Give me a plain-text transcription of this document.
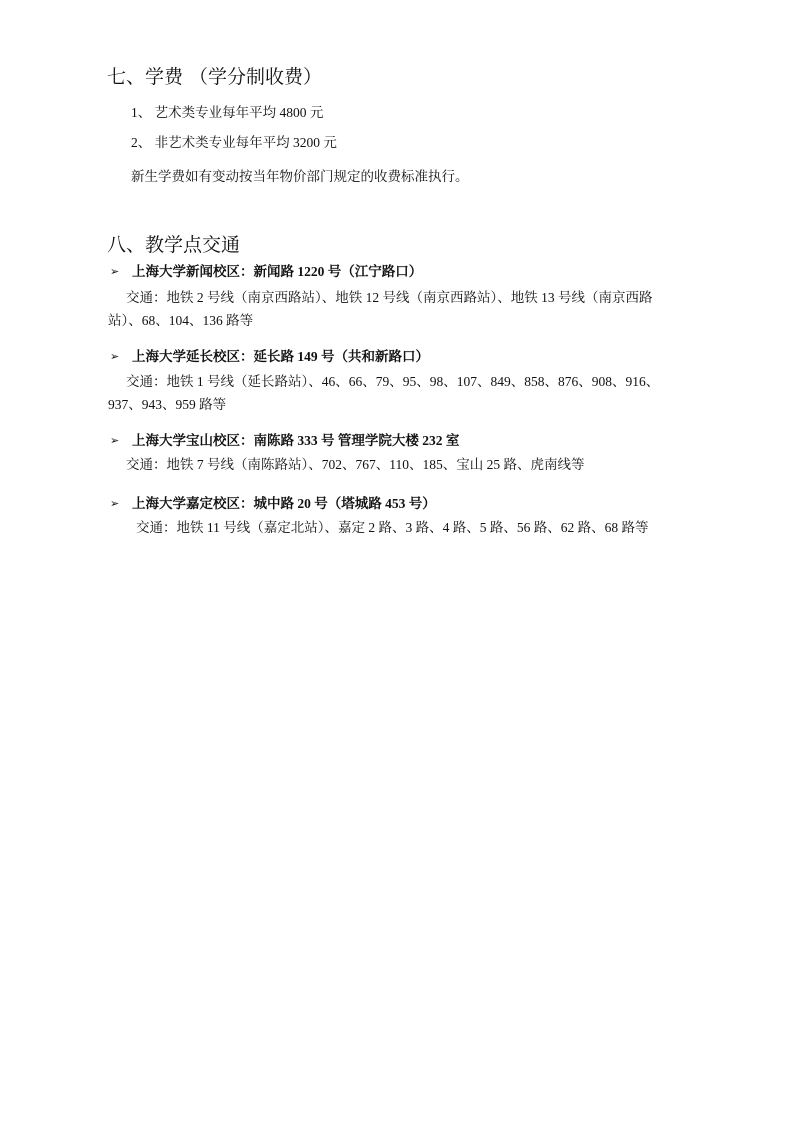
七、学费 （学分制收费）
1、 艺术类专业每年平均 4800 元
2、 非艺术类专业每年平均 3200 元
新生学费如有变动按当年物价部门规定的收费标准执行。
八、教学点交通
➢ 上海大学新闻校区：新闻路 1220 号（江宁路口）
交通：地铁 2 号线（南京西路站）、地铁 12 号线（南京西路站）、地铁 13 号线（南京西路站）、68、104、136 路等
➢ 上海大学延长校区：延长路 149 号（共和新路口）
交通：地铁 1 号线（延长路站）、46、66、79、95、98、107、849、858、876、908、916、937、943、959 路等
➢ 上海大学宝山校区：南陈路 333 号 管理学院大楼 232 室
交通：地铁 7 号线（南陈路站）、702、767、110、185、宝山 25 路、虎南线等
➢ 上海大学嘉定校区：城中路 20 号（塔城路 453 号）
交通：地铁 11 号线（嘉定北站）、嘉定 2 路、3 路、4 路、5 路、56 路、62 路、68 路等
